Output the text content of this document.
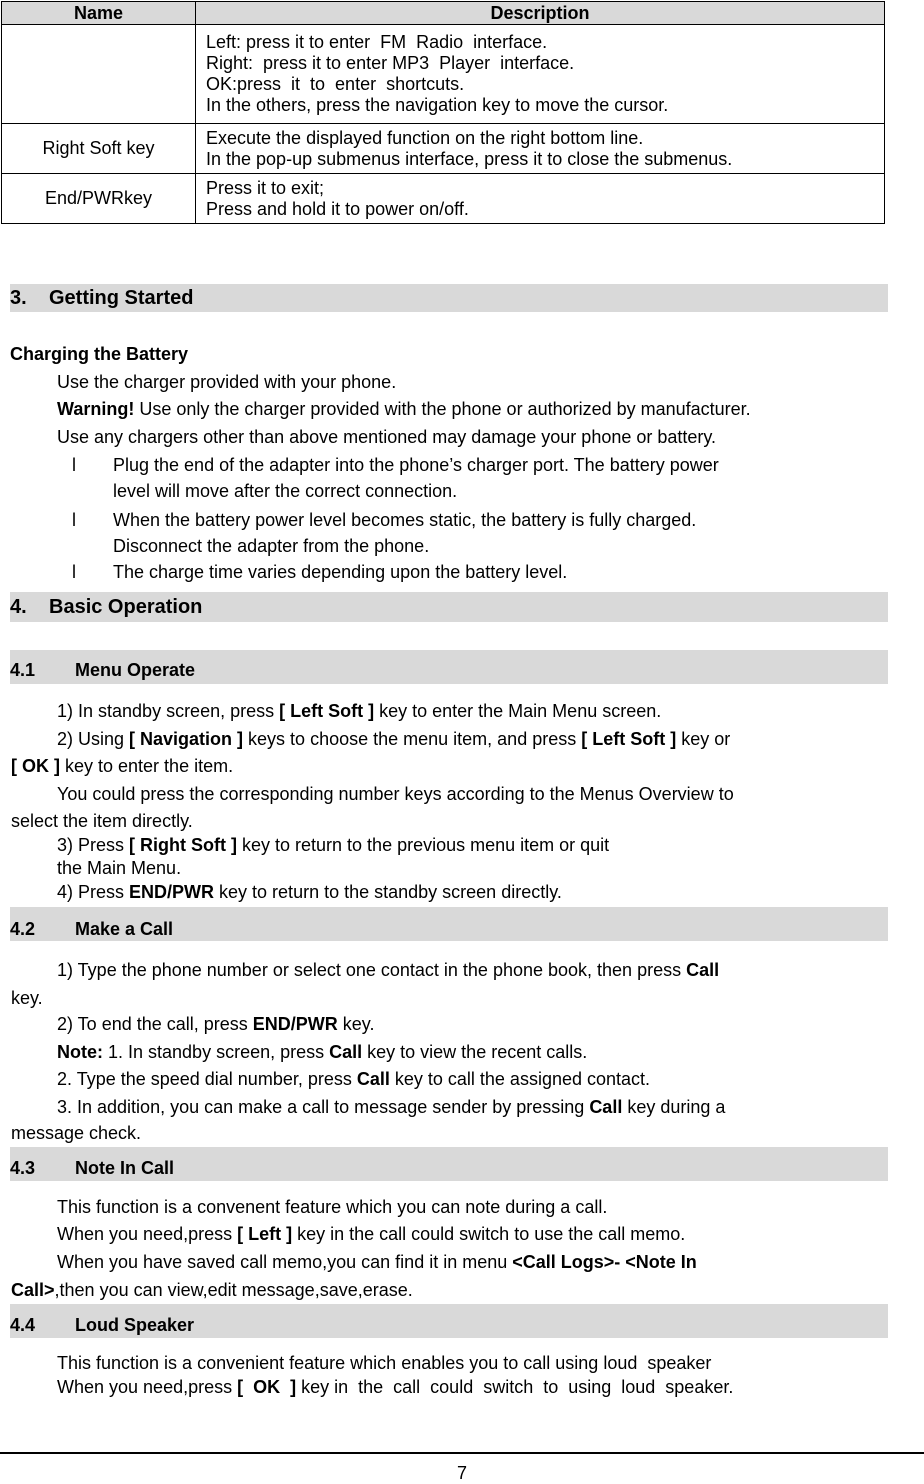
Name	Description

	Left: press it to enter  FM  Radio  interface.
Right:  press it to enter MP3  Player  interface.
OK:press  it  to  enter  shortcuts.
In the others, press the navigation key to move the cursor.

Right Soft key	Execute the displayed function on the right bottom line.
In the pop-up submenus interface, press it to close the submenus.

End/PWRkey	Press it to exit;
Press and hold it to power on/off.
3. Getting Started
Charging the Battery
Use the charger provided with your phone.
Warning! Use only the charger provided with the phone or authorized by manufacturer.
Use any chargers other than above mentioned may damage your phone or battery.
l Plug the end of the adapter into the phone’s charger port. The battery power
level will move after the correct connection.
l When the battery power level becomes static, the battery is fully charged.
Disconnect the adapter from the phone.
l The charge time varies depending upon the battery level.
4. Basic Operation
4.1 Menu Operate
1) In standby screen, press [ Left Soft ] key to enter the Main Menu screen.
2) Using [ Navigation ] keys to choose the menu item, and press [ Left Soft ] key or
[ OK ] key to enter the item.
You could press the corresponding number keys according to the Menus Overview to
select the item directly.
3) Press [ Right Soft ] key to return to the previous menu item or quit
the Main Menu.
4) Press END/PWR key to return to the standby screen directly.
4.2 Make a Call
1) Type the phone number or select one contact in the phone book, then press Call
key.
2) To end the call, press END/PWR key.
Note: 1. In standby screen, press Call key to view the recent calls.
2. Type the speed dial number, press Call key to call the assigned contact.
3. In addition, you can make a call to message sender by pressing Call key during a
message check.
4.3 Note In Call
This function is a convenent feature which you can note during a call.
When you need,press [ Left ] key in the call could switch to use the call memo.
When you have saved call memo,you can find it in menu <Call Logs>- <Note In
Call>,then you can view,edit message,save,erase.
4.4 Loud Speaker
This function is a convenient feature which enables you to call using loud  speaker
When you need,press [  OK  ] key in  the  call  could  switch  to  using  loud  speaker.
7
